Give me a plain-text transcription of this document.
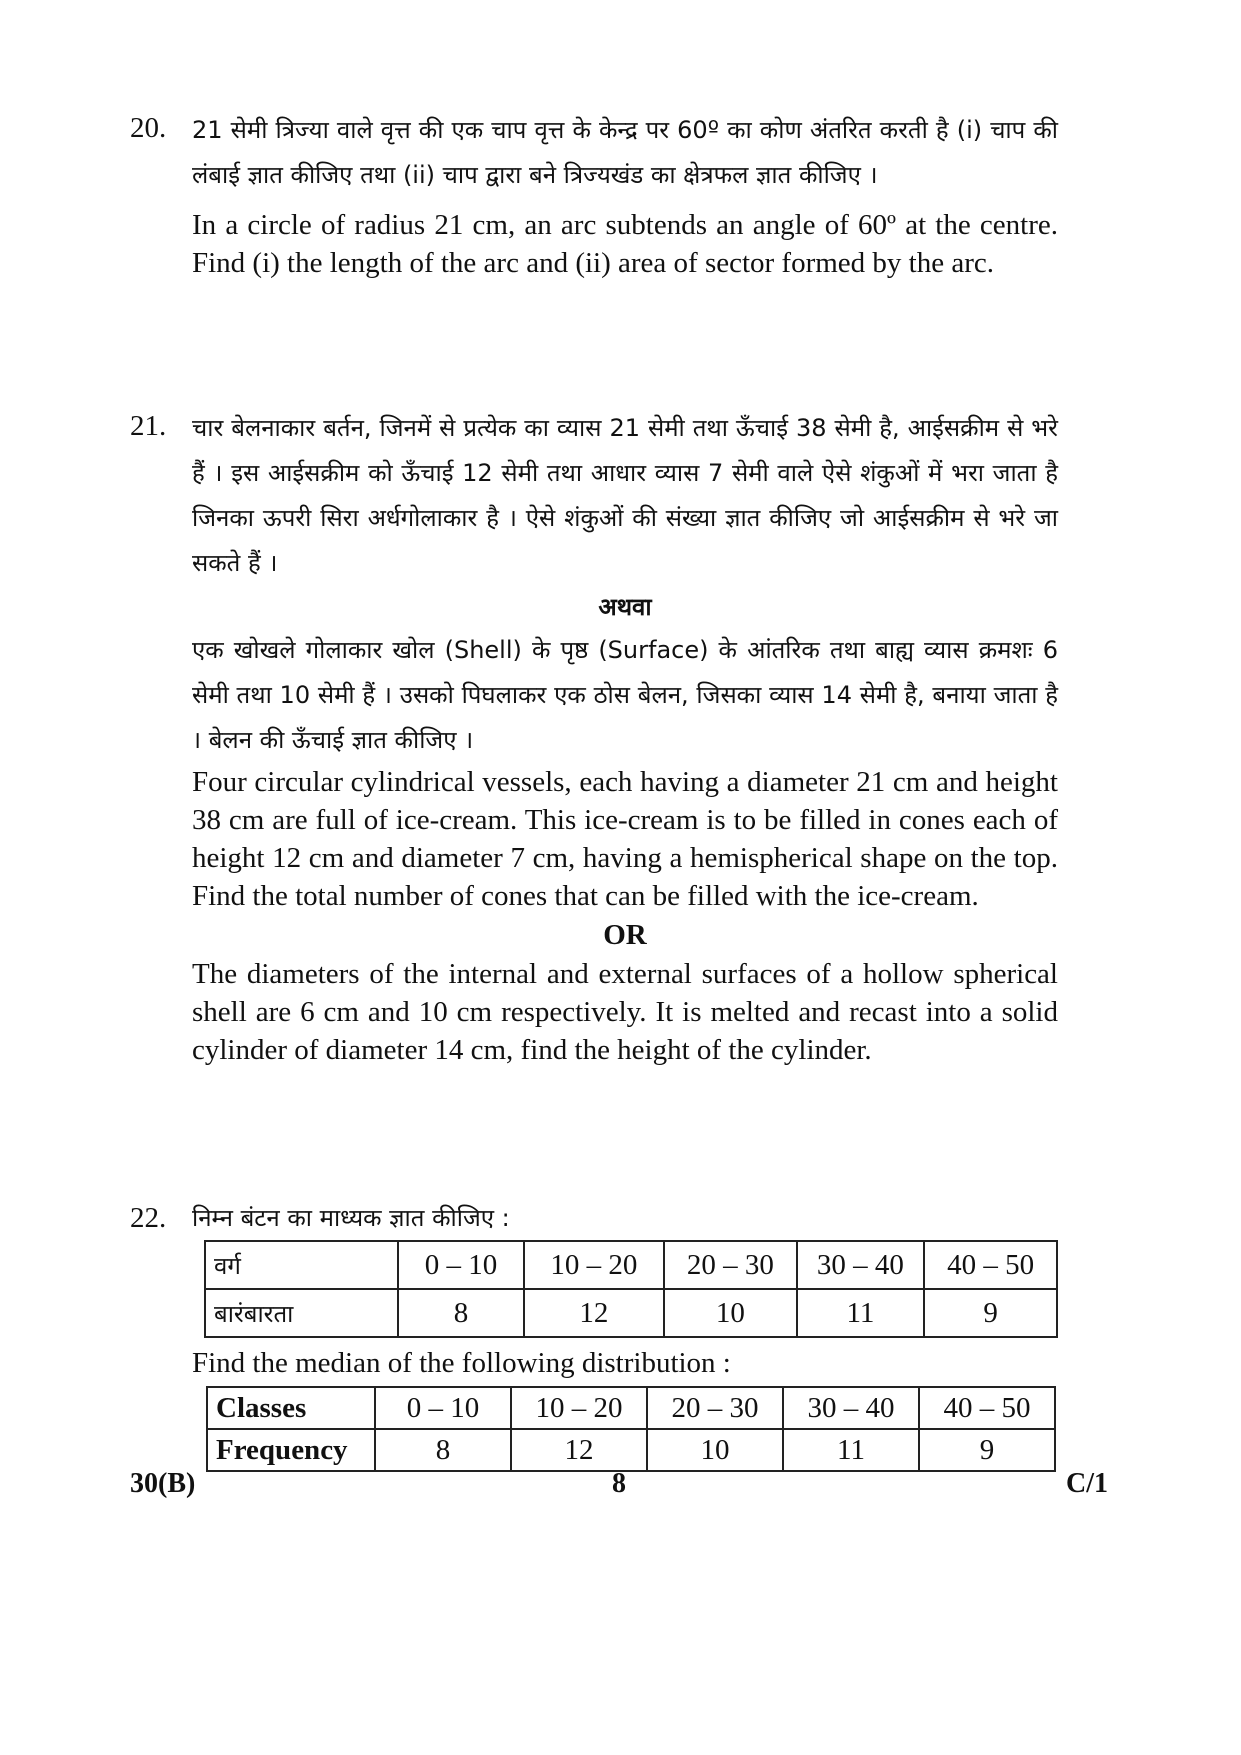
20. 21 सेमी त्रिज्या वाले वृत्त की एक चाप वृत्त के केन्द्र पर 60º का कोण अंतरित करती है (i) चाप की लंबाई ज्ञात कीजिए तथा (ii) चाप द्वारा बने त्रिज्यखंड का क्षेत्रफल ज्ञात कीजिए ।

In a circle of radius 21 cm, an arc subtends an angle of 60º at the centre. Find (i) the length of the arc and (ii) area of sector formed by the arc.

21. चार बेलनाकार बर्तन, जिनमें से प्रत्येक का व्यास 21 सेमी तथा ऊँचाई 38 सेमी है, आईसक्रीम से भरे हैं । इस आईसक्रीम को ऊँचाई 12 सेमी तथा आधार व्यास 7 सेमी वाले ऐसे शंकुओं में भरा जाता है जिनका ऊपरी सिरा अर्धगोलाकार है । ऐसे शंकुओं की संख्या ज्ञात कीजिए जो आईसक्रीम से भरे जा सकते हैं ।

अथवा

एक खोखले गोलाकार खोल (Shell) के पृष्ठ (Surface) के आंतरिक तथा बाह्य व्यास क्रमशः 6 सेमी तथा 10 सेमी हैं । उसको पिघलाकर एक ठोस बेलन, जिसका व्यास 14 सेमी है, बनाया जाता है । बेलन की ऊँचाई ज्ञात कीजिए ।

Four circular cylindrical vessels, each having a diameter 21 cm and height 38 cm are full of ice-cream. This ice-cream is to be filled in cones each of height 12 cm and diameter 7 cm, having a hemispherical shape on the top. Find the total number of cones that can be filled with the ice-cream.

OR

The diameters of the internal and external surfaces of a hollow spherical shell are 6 cm and 10 cm respectively. It is melted and recast into a solid cylinder of diameter 14 cm, find the height of the cylinder.

22. निम्न बंटन का माध्यक ज्ञात कीजिए :

वर्ग	0 – 10	10 – 20	20 – 30	30 – 40	40 – 50
बारंबारता	8	12	10	11	9

Find the median of the following distribution :

Classes	0 – 10	10 – 20	20 – 30	30 – 40	40 – 50
Frequency	8	12	10	11	9
30(B)	8	C/1
